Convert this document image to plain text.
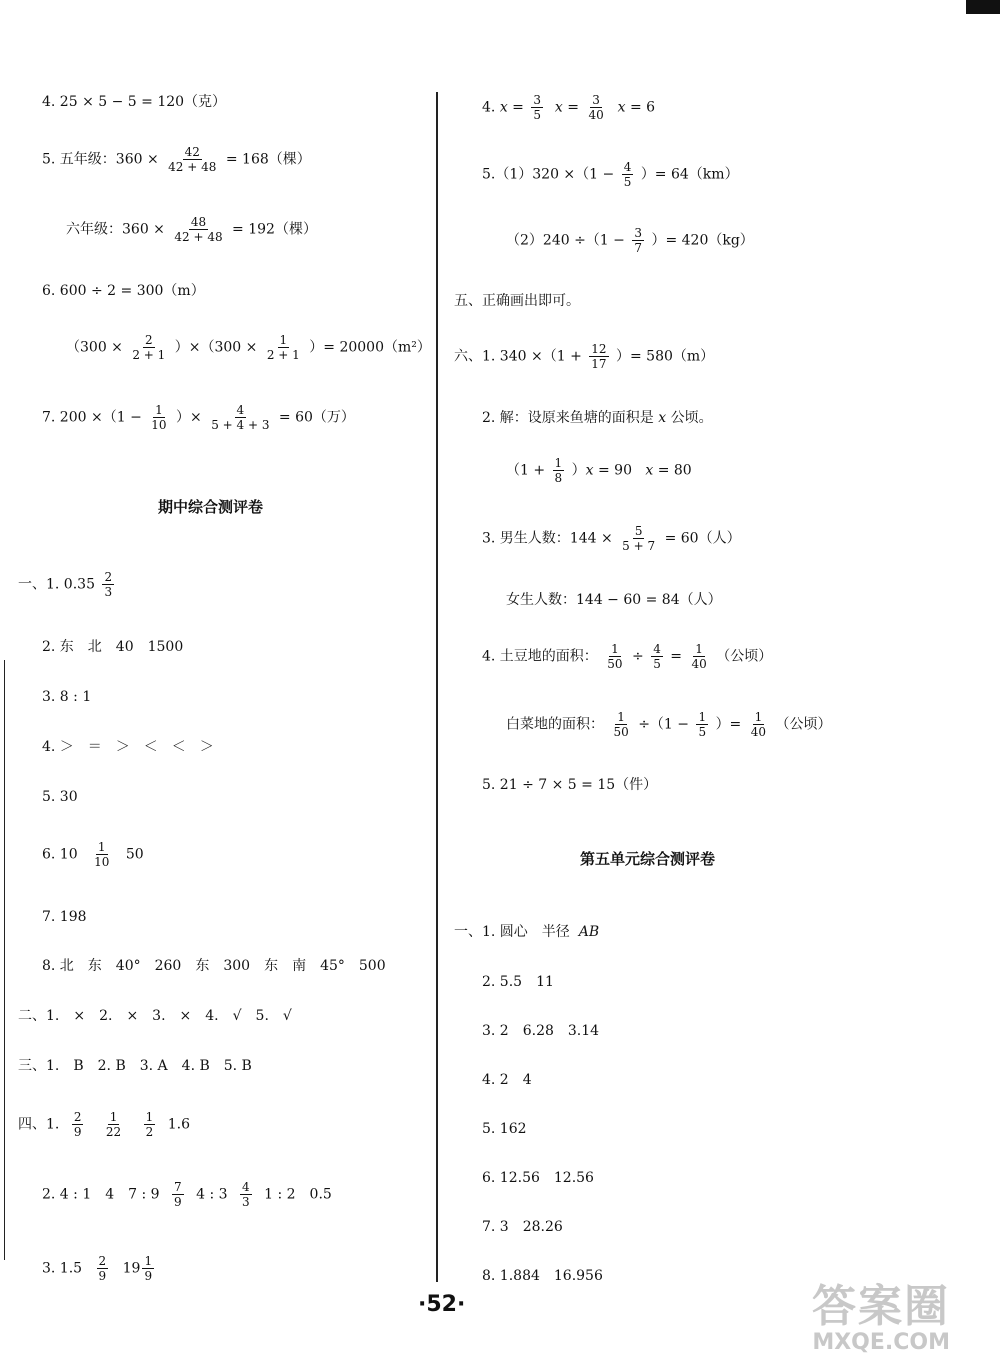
4. 25 × 5 − 5 = 120（克）
5. 五年级：$360 \times \frac{42}{42 + 48} = 168$（棵）
六年级：$360 \times \frac{48}{42 + 48} = 192$（棵）
6. 600 ÷ 2 = 300（m）
$(300 \times \frac{2}{2 + 1} )\times(300 \times \frac{1}{2 + 1}$ ）= 20000（m²）
7. $200 \times(1 - \frac{1}{10}$ ）× $\frac{4}{5 + 4 + 3} = 60$（万）
期中综合测评卷
一、1. $0.35 \frac{2}{3}$
2. 东　北　40　1500
3. 8 : 1
4. ＞　＝　＞　＜　＜　＞
5. 30
6. $10 \frac{1}{10} 50$
7. 198
8. 北　东　40°　260　东　300　东　南　45°　500
二、1.　×　2.　×　3.　×　4.　√　5.　√
三、1.　B　2. B　3. A　4. B　5. B
四、1. $\frac{2}{9}$
$\frac{1}{22}$
$\frac{1}{2} 1.6$
2. 4 : 1　4　7 : $9 \frac{7}{9} 4$ : $3 \frac{4}{3} 1$ : 2　0.5
3. $1.5 \frac{2}{9} 19 \frac{1}{9}$
4. $x = \frac{3}{5}$ $x = \frac{3}{40}$ x = 6
$5.(1)320 \times(1 - \frac{4}{5}$ ）= 64（km）
$(2)240 \div(1 - \frac{3}{7}$ ）= 420（kg）
五、正确画出即可。
六、1. $340 \times(1 + \frac{12}{17}$ ）= 580（m）
2. 解：设原来鱼塘的面积是 x 公顷。
$(1 + \frac{1}{8} )x = 90$ x = 80
3. 男生人数：$144 \times \frac{5}{5 + 7} = 60$（人）
女生人数：144 − 60 = 84（人）
4. 土豆地的面积： $\frac{1}{50} \div \frac{4}{5} = \frac{1}{40}$ （公顷）
白菜地的面积： $\frac{1}{50} \div(1 - \frac{1}{5}$ ）= $\frac{1}{40}$ （公顷）
5. 21 ÷ 7 × 5 = 15（件）
第五单元综合测评卷
一、1. 圆心　半径 AB
2. 5.5　11
3. 2　6.28　3.14
4. 2　4
5. 162
6. 12.56　12.56
7. 3　28.26
8. 1.884　16.956
·52·	答案圈
MXQE.COM
